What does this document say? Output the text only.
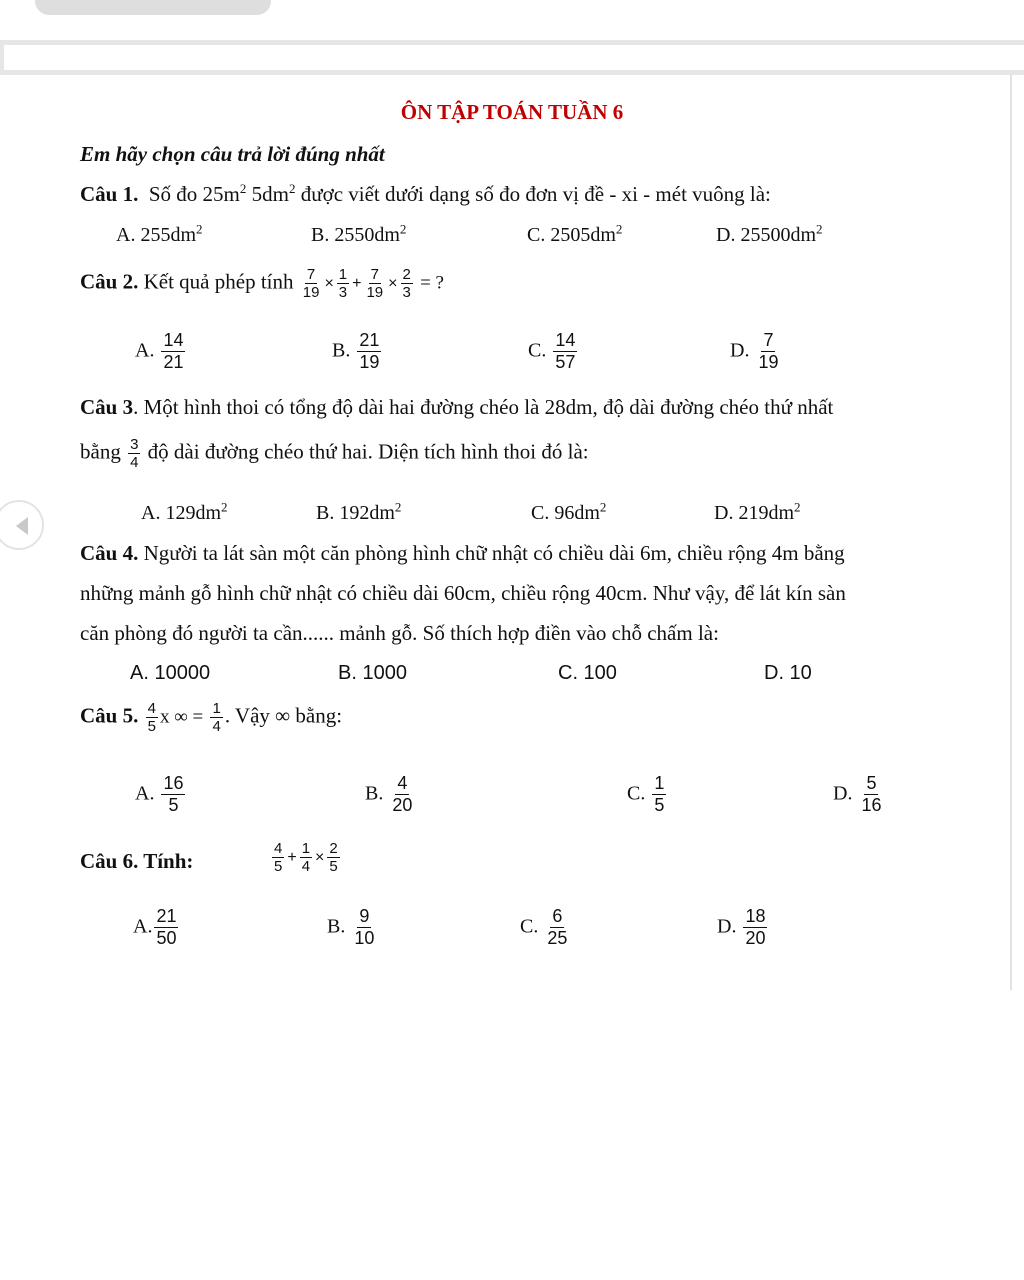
ÔN TẬP TOÁN TUẦN 6
Em hãy chọn câu trả lời đúng nhất
Câu 1. Số đo $25m^2$ $5dm^2$ được viết dưới dạng số đo đơn vị đề - xi - mét vuông là:
A. $255dm^2$	B. $2550dm^2$	C. $2505dm^2$	D. $25500dm^2$
Câu 2. Kết quả phép tính $\frac{7}{19} \times \frac{1}{3} + \frac{7}{19} \times \frac{2}{3}$ = ?
A. $\frac{14}{21}$	B. $\frac{21}{19}$	C. $\frac{14}{57}$	D. $\frac{7}{19}$
Câu 3. Một hình thoi có tổng độ dài hai đường chéo là 28dm, độ dài đường chéo thứ nhất
bằng $\frac{3}{4}$ độ dài đường chéo thứ hai. Diện tích hình thoi đó là:
A. $129dm^2$	B. $192dm^2$	C. $96dm^2$	D. $219dm^2$
Câu 4. Người ta lát sàn một căn phòng hình chữ nhật có chiều dài 6m, chiều rộng 4m bằng
những mảnh gỗ hình chữ nhật có chiều dài 60cm, chiều rộng 40cm. Như vậy, để lát kín sàn
căn phòng đó người ta cần...... mảnh gỗ. Số thích hợp điền vào chỗ chấm là:
A. 10000	B. 1000	C. 100	D. 10
Câu 5. $\frac{4}{5}$ x ∞ = $\frac{1}{4}$ . Vậy ∞ bằng:
A. $\frac{16}{5}$	B. $\frac{4}{20}$	C. $\frac{1}{5}$	D. $\frac{5}{16}$
Câu 6. Tính:	$\frac{4}{5} + \frac{1}{4} \times \frac{2}{5}$
A. $\frac{21}{50}$	B. $\frac{9}{10}$	C. $\frac{6}{25}$	D. $\frac{18}{20}$
